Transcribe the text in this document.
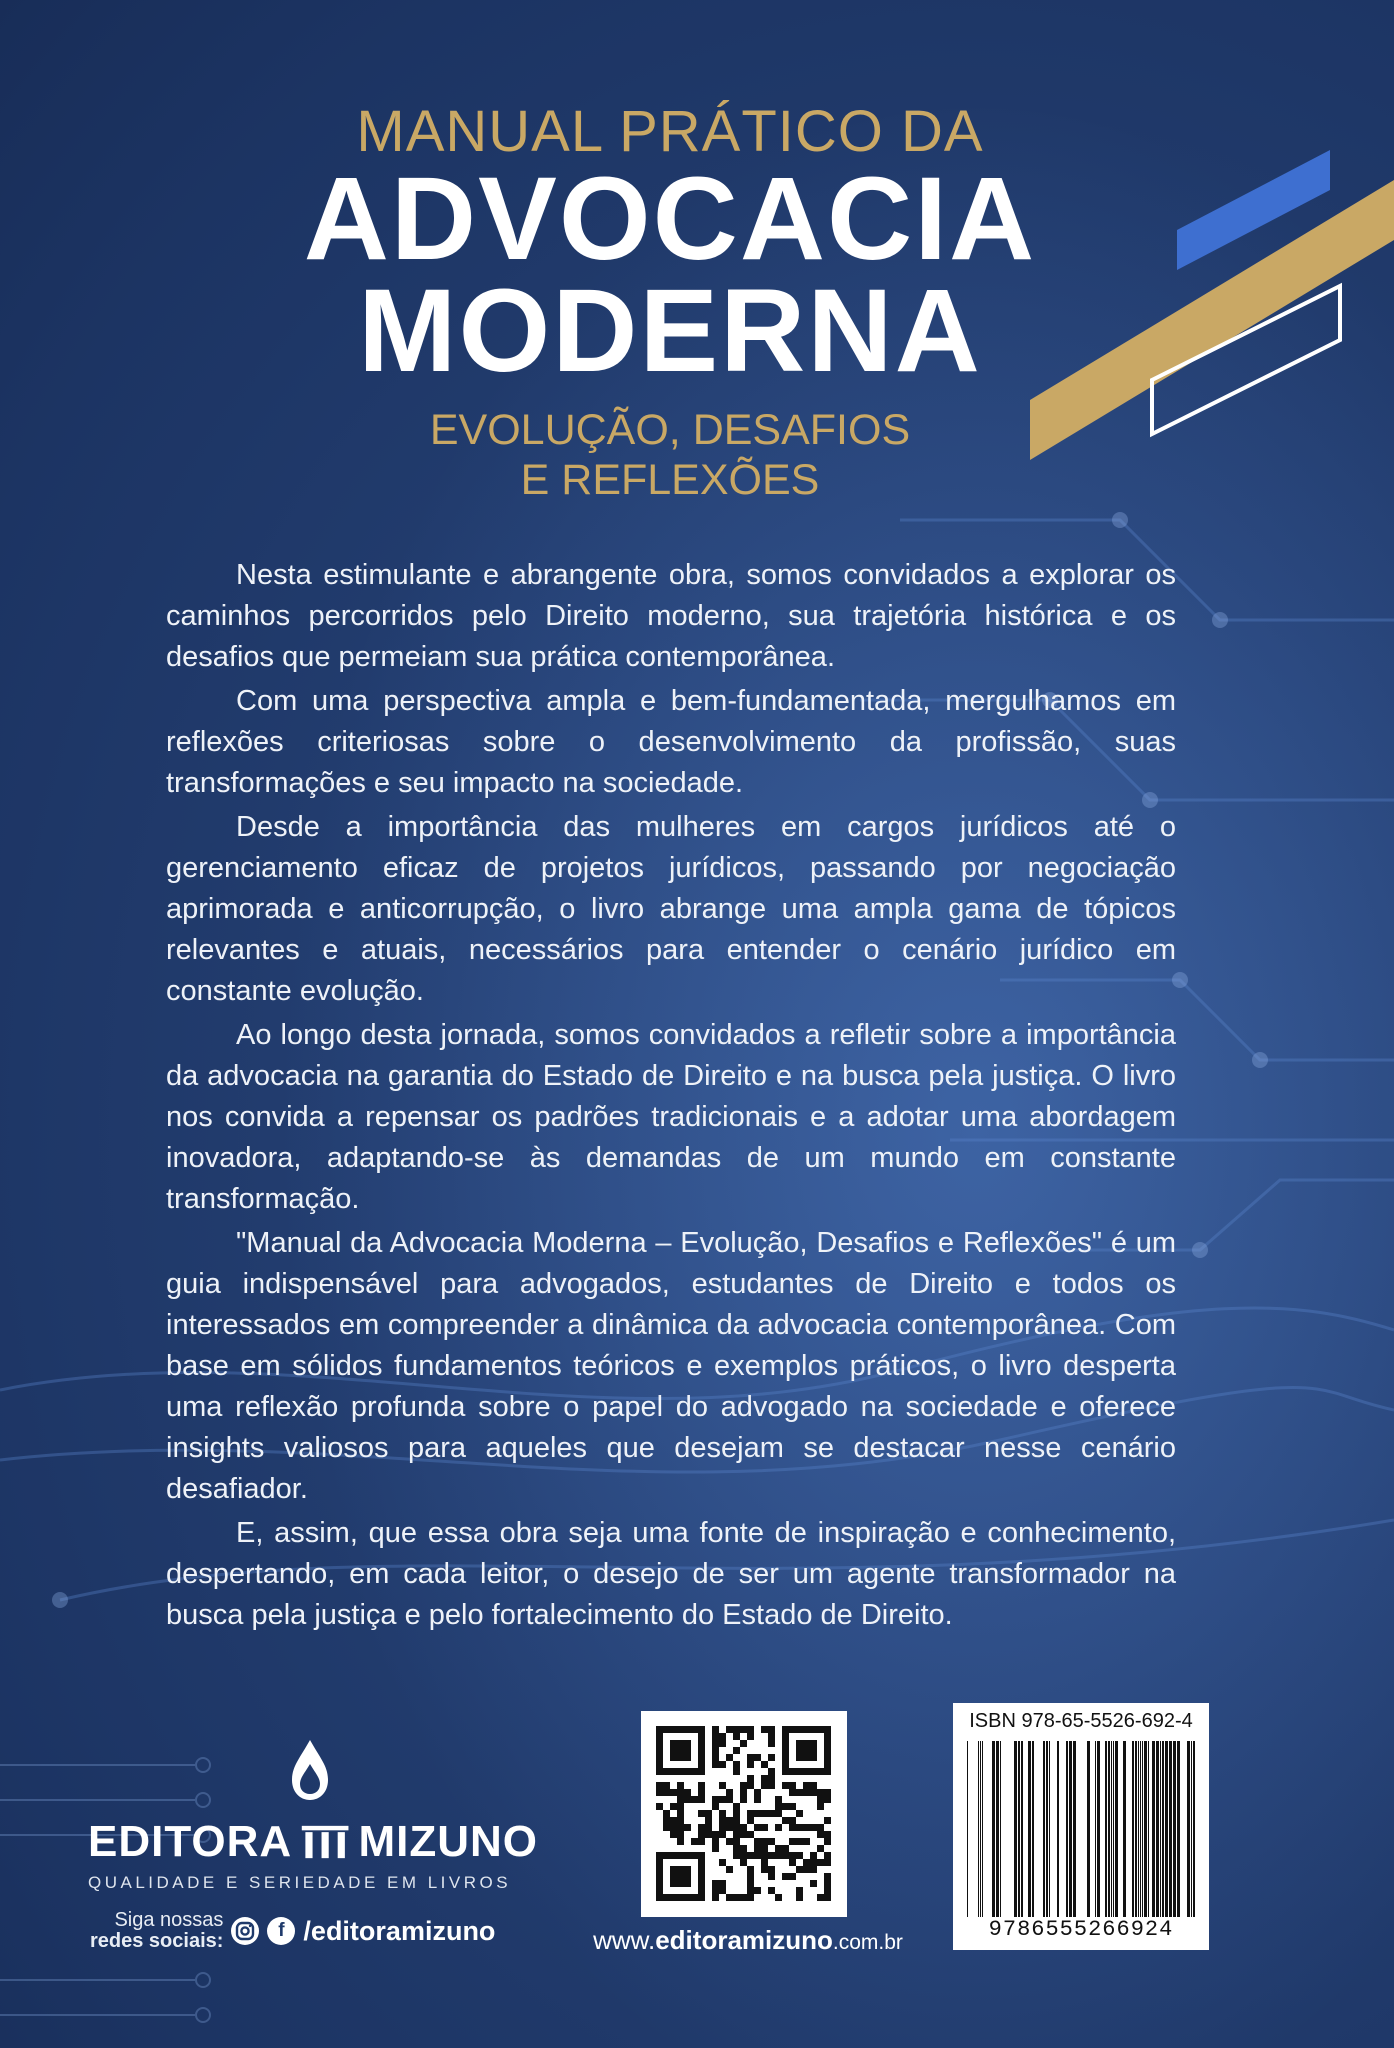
MANUAL PRÁTICO DA
ADVOCACIA
MODERNA
EVOLUÇÃO, DESAFIOS
E REFLEXÕES

Nesta estimulante e abrangente obra, somos convidados a explorar os caminhos percorridos pelo Direito moderno, sua trajetória histórica e os desafios que permeiam sua prática contemporânea.

Com uma perspectiva ampla e bem-fundamentada, mergulhamos em reflexões criteriosas sobre o desenvolvimento da profissão, suas transformações e seu impacto na sociedade.

Desde a importância das mulheres em cargos jurídicos até o gerenciamento eficaz de projetos jurídicos, passando por negociação aprimorada e anticorrupção, o livro abrange uma ampla gama de tópicos relevantes e atuais, necessários para entender o cenário jurídico em constante evolução.

Ao longo desta jornada, somos convidados a refletir sobre a importância da advocacia na garantia do Estado de Direito e na busca pela justiça. O livro nos convida a repensar os padrões tradicionais e a adotar uma abordagem inovadora, adaptando-se às demandas de um mundo em constante transformação.

"Manual da Advocacia Moderna – Evolução, Desafios e Reflexões" é um guia indispensável para advogados, estudantes de Direito e todos os interessados em compreender a dinâmica da advocacia contemporânea. Com base em sólidos fundamentos teóricos e exemplos práticos, o livro desperta uma reflexão profunda sobre o papel do advogado na sociedade e oferece insights valiosos para aqueles que desejam se destacar nesse cenário desafiador.

E, assim, que essa obra seja uma fonte de inspiração e conhecimento, despertando, em cada leitor, o desejo de ser um agente transformador na busca pela justiça e pelo fortalecimento do Estado de Direito.

EDITORA MIZUNO
QUALIDADE E SERIEDADE EM LIVROS
Siga nossas
redes sociais:	f /editoramizuno	www.editoramizuno.com.br
ISBN 978-65-5526-692-4
9786555266924
